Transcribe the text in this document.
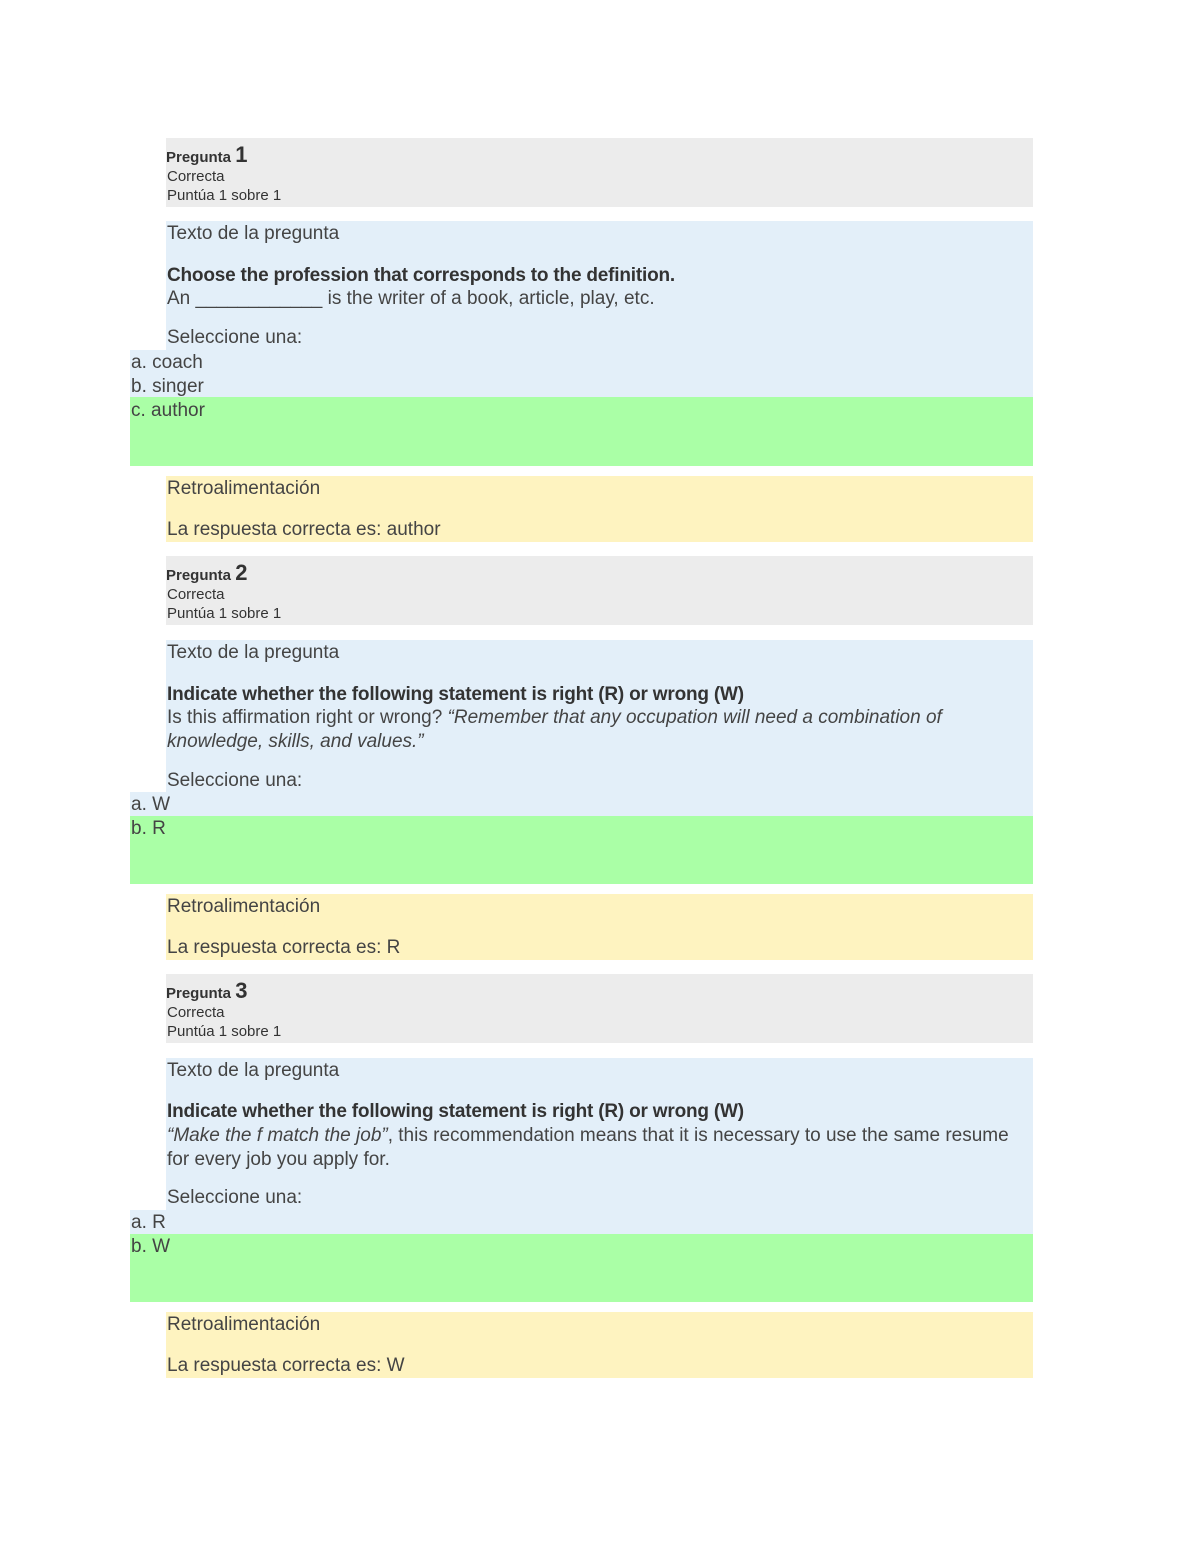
Pregunta 1
Correcta
Puntúa 1 sobre 1
Texto de la pregunta
Choose the profession that corresponds to the definition.
An ____________ is the writer of a book, article, play, etc.
Seleccione una:
a. coach
b. singer
c. author
Retroalimentación
La respuesta correcta es: author
Pregunta 2
Correcta
Puntúa 1 sobre 1
Texto de la pregunta
Indicate whether the following statement is right (R) or wrong (W)
Is this affirmation right or wrong? “Remember that any occupation will need a combination of knowledge, skills, and values.”
Seleccione una:
a. W
b. R
Retroalimentación
La respuesta correcta es: R
Pregunta 3
Correcta
Puntúa 1 sobre 1
Texto de la pregunta
Indicate whether the following statement is right (R) or wrong (W)
“Make the f match the job”, this recommendation means that it is necessary to use the same resume for every job you apply for.
Seleccione una:
a. R
b. W
Retroalimentación
La respuesta correcta es: W
